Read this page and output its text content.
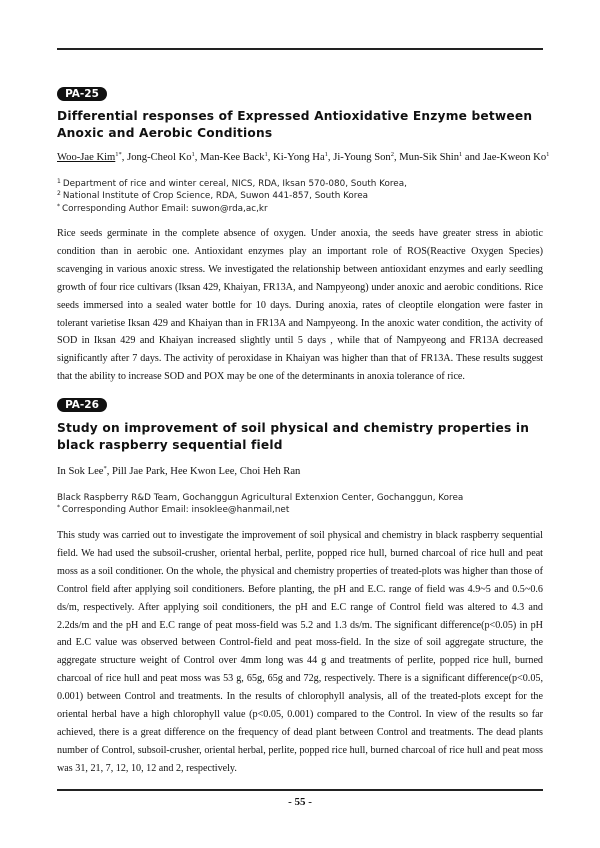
PA-25
Differential responses of Expressed Antioxidative Enzyme between Anoxic and Aerobic Conditions
Woo-Jae Kim$^{1*}$, Jong-Cheol Ko$^1$, Man-Kee Back$^1$, Ki-Yong Ha$^1$, Ji-Young Son$^2$, Mun-Sik Shin$^1$ and Jae-Kweon Ko$^1$
$^1$ Department of rice and winter cereal, NICS, RDA, Iksan 570-080, South Korea,
$^2$ National Institute of Crop Science, RDA, Suwon 441-857, South Korea
* Corresponding Author Email: suwon@rda,ac,kr

Rice seeds germinate in the complete absence of oxygen. Under anoxia, the seeds have greater stress in abiotic condition than in aerobic one. Antioxidant enzymes play an important role of ROS(Reactive Oxygen Species) scavenging in various anoxic stress. We investigated the relationship between antioxidant enzymes and early seedling growth of four rice cultivars (Iksan 429, Khaiyan, FR13A, and Nampyeong) under anoxic and aerobic conditions. Rice seeds immersed into a sealed water bottle for 10 days. During anoxia, rates of cleoptile elongation were faster in tolerant varietise Iksan 429 and Khaiyan than in FR13A and Nampyeong. In the anoxic water condition, the activity of SOD in Iksan 429 and Khaiyan increased slightly until 5 days , while that of Nampyeong and FR13A decreased significantly after 7 days. The activity of peroxidase in Khaiyan was higher than that of FR13A. These results suggest that the ability to increase SOD and POX may be one of the determinants in anoxia tolerance of rice.

PA-26
Study on improvement of soil physical and chemistry properties in black raspberry sequential field
In Sok Lee*, Pill Jae Park, Hee Kwon Lee, Choi Heh Ran
Black Raspberry R&D Team, Gochanggun Agricultural Extenxion Center, Gochanggun, Korea
* Corresponding Author Email: insoklee@hanmail,net

This study was carried out to investigate the improvement of soil physical and chemistry in black raspberry sequential field. We had used the subsoil-crusher, oriental herbal, perlite, popped rice hull, burned charcoal of rice hull and peat moss as a soil conditioner. On the whole, the physical and chemistry properties of treated-plots was higher than those of Control field after applying soil conditioners. Before planting, the pH and E.C. range of field was 4.9~5 and 0.5~0.6 ds/m, respectively. After applying soil conditioners, the pH and E.C range of Control field was altered to 4.3 and 2.2ds/m and the pH and E.C range of peat moss-field was 5.2 and 1.3 ds/m. The significant difference(p<0.05) in pH and E.C value was observed between Control-field and peat moss-field. In the size of soil aggregate structure, the aggregate structure weight of Control over 4mm long was 44 g and treatments of perlite, popped rice hull, burned charcoal of rice hull and peat moss was 53 g, 65g, 65g and 72g, respectively. There is a significant difference(p<0.05, 0.001) between Control and treatments. In the results of chlorophyll analysis, all of the treated-plots except for the oriental herbal have a high chlorophyll value (p<0.05, 0.001) compared to the Control. In view of the results so far achieved, there is a great difference on the frequency of dead plant between Control and treatments. The dead plants number of Control, subsoil-crusher, oriental herbal, perlite, popped rice hull, burned charcoal of rice hull and peat moss was 31, 21, 7, 12, 10, 12 and 2, respectively.

- 55 -
